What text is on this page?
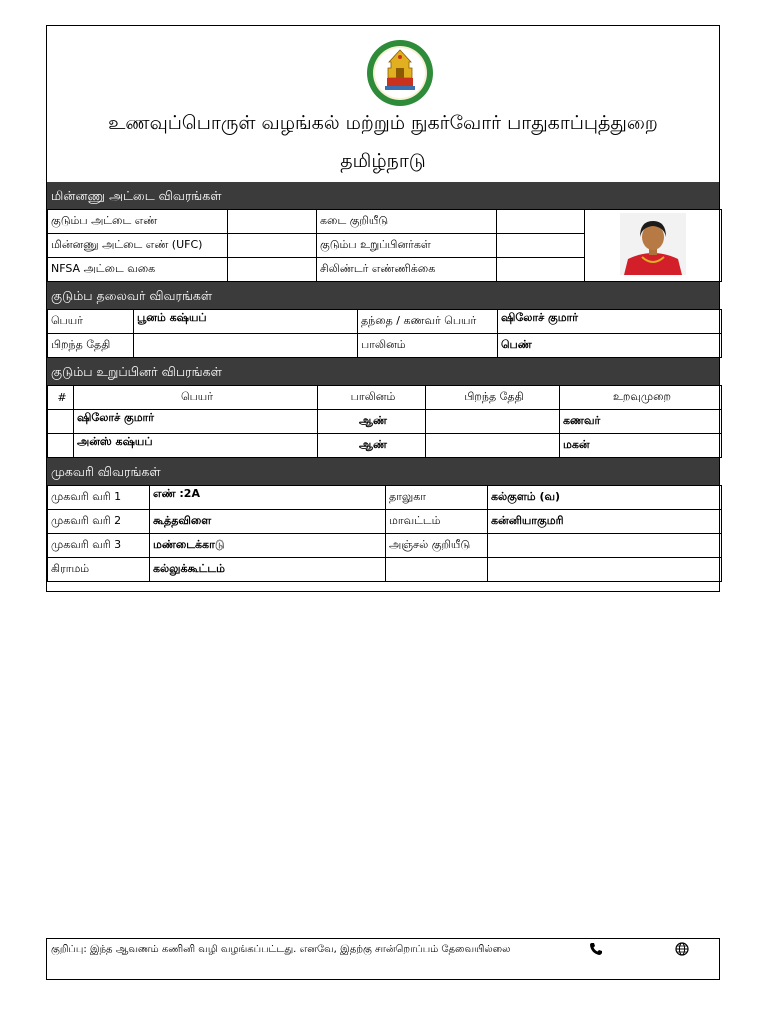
உணவுப்பொருள் வழங்கல் மற்றும் நுகர்வோர் பாதுகாப்புத்துறை
தமிழ்நாடு
மின்னணு அட்டை விவரங்கள்
குடும்ப அட்டை எண்		கடை குறியீடு		
மின்னணு அட்டை எண் (UFC)		குடும்ப உறுப்பினர்கள்		
NFSA அட்டை வகை		சிலிண்டர் எண்ணிக்கை		
குடும்ப தலைவர் விவரங்கள்
பெயர்	பூனம் கஷ்யப்	தந்தை / கணவர் பெயர்	ஷிலோச் குமார்
பிறந்த தேதி		பாலினம்	பெண்
குடும்ப உறுப்பினர் விபரங்கள்
#	பெயர்	பாலினம்	பிறந்த தேதி	உறவுமுறை
	ஷிலோச் குமார்	ஆண்		கணவர்
	அன்ஸ் கஷ்யப்	ஆண்		மகன்
முகவரி விவரங்கள்
முகவரி வரி 1	எண் :2A	தாலுகா	கல்குளம் (வ)
முகவரி வரி 2	கூத்தவிளை	மாவட்டம்	கன்னியாகுமரி
முகவரி வரி 3	மண்டைக்காடு	அஞ்சல் குறியீடு	
கிராமம்	கல்லுக்கூட்டம்		
குறிப்பு: இந்த ஆவணம் கணினி வழி வழங்கப்பட்டது. எனவே, இதற்கு சான்றொப்பம் தேவையில்லை
